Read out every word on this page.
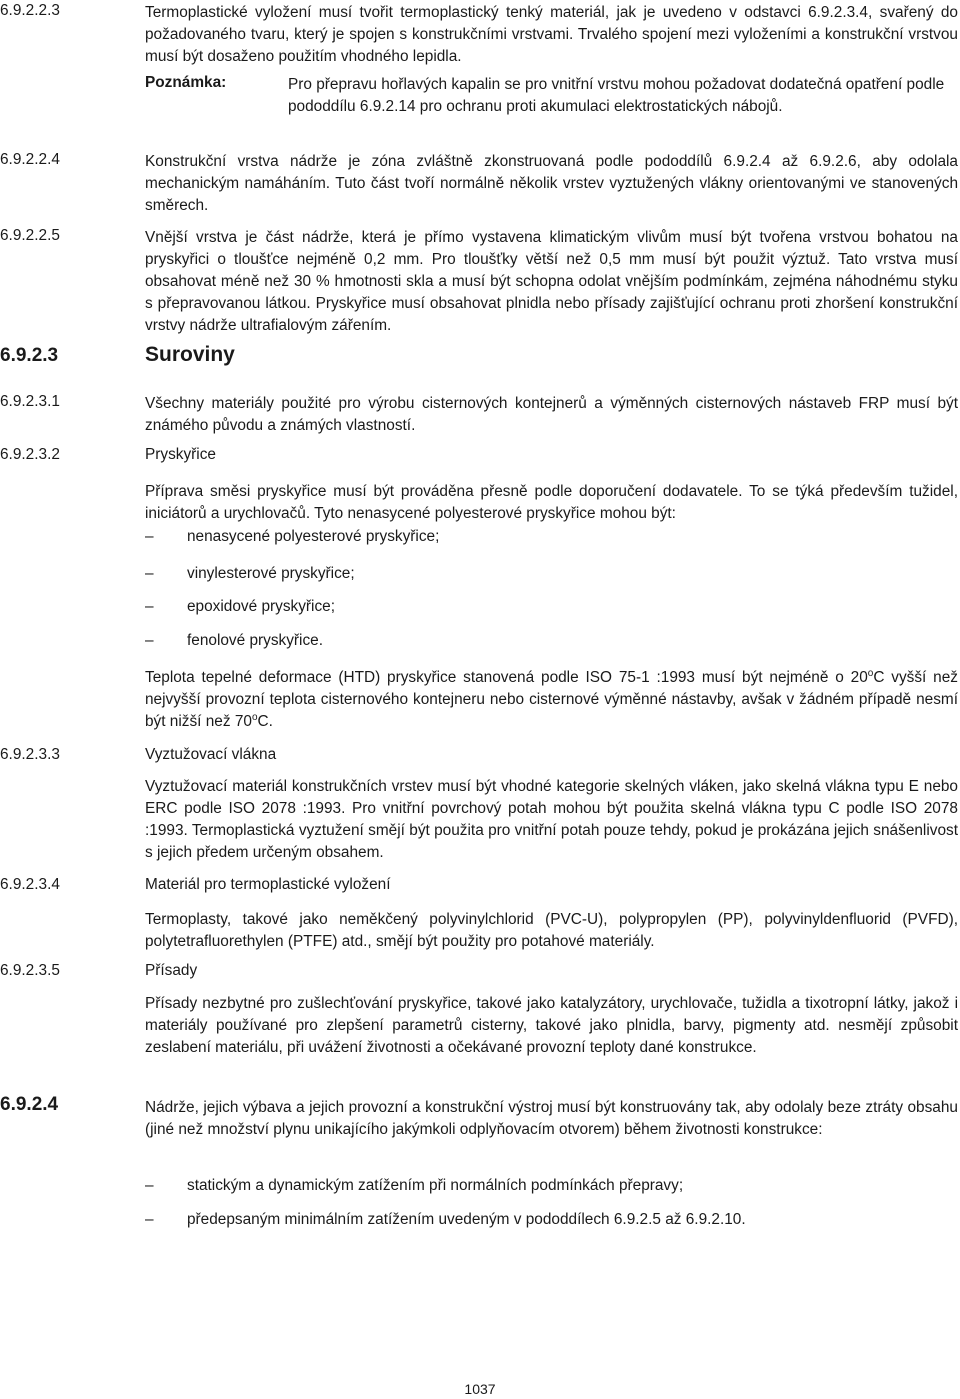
6.9.2.2.3	Termoplastické vyložení musí tvořit termoplastický tenký materiál, jak je uvedeno v odstavci 6.9.2.3.4, svařený do požadovaného tvaru, který je spojen s konstrukčními vrstvami. Trvalého spojení mezi vyloženími a konstrukční vrstvou musí být dosaženo použitím vhodného lepidla.
Poznámka:	Pro přepravu hořlavých kapalin se pro vnitřní vrstvu mohou požadovat dodatečná opatření podle pododdílu 6.9.2.14 pro ochranu proti akumulaci elektrostatických nábojů.
6.9.2.2.4	Konstrukční vrstva nádrže je zóna zvláštně zkonstruovaná podle pododdílů 6.9.2.4 až 6.9.2.6, aby odolala mechanickým namáháním. Tuto část tvoří normálně několik vrstev vyztužených vlákny orientovanými ve stanovených směrech.
6.9.2.2.5	Vnější vrstva je část nádrže, která je přímo vystavena klimatickým vlivům musí být tvořena vrstvou bohatou na pryskyřici o tloušťce nejméně 0,2 mm. Pro tloušťky větší než 0,5 mm musí být použit výztuž. Tato vrstva musí obsahovat méně než 30 % hmotnosti skla a musí být schopna odolat vnějším podmínkám, zejména náhodnému styku s přepravovanou látkou. Pryskyřice musí obsahovat plnidla nebo přísady zajišťující ochranu proti zhoršení konstrukční vrstvy nádrže ultrafialovým zářením.
6.9.2.3	Suroviny
6.9.2.3.1	Všechny materiály použité pro výrobu cisternových kontejnerů a výměnných cisternových nástaveb FRP musí být známého původu a známých vlastností.
6.9.2.3.2	Pryskyřice
Příprava směsi pryskyřice musí být prováděna přesně podle doporučení dodavatele. To se týká především tužidel, iniciátorů a urychlovačů. Tyto nenasycené polyesterové pryskyřice mohou být:
– nenasycené polyesterové pryskyřice;
– vinylesterové pryskyřice;
– epoxidové pryskyřice;
– fenolové pryskyřice.
Teplota tepelné deformace (HTD) pryskyřice stanovená podle ISO 75-1 :1993 musí být nejméně o 20$^o$C vyšší než nejvyšší provozní teplota cisternového kontejneru nebo cisternové výměnné nástavby, avšak v žádném případě nesmí být nižší než 70$^o$C.
6.9.2.3.3	Vyztužovací vlákna
Vyztužovací materiál konstrukčních vrstev musí být vhodné kategorie skelných vláken, jako skelná vlákna typu E nebo ERC podle ISO 2078 :1993. Pro vnitřní povrchový potah mohou být použita skelná vlákna typu C podle ISO 2078 :1993. Termoplastická vyztužení smějí být použita pro vnitřní potah pouze tehdy, pokud je prokázána jejich snášenlivost s jejich předem určeným obsahem.
6.9.2.3.4	Materiál pro termoplastické vyložení
Termoplasty, takové jako neměkčený polyvinylchlorid (PVC-U), polypropylen (PP), polyvinyldenfluorid (PVFD), polytetrafluorethylen (PTFE) atd., smějí být použity pro potahové materiály.
6.9.2.3.5	Přísady
Přísady nezbytné pro zušlechťování pryskyřice, takové jako katalyzátory, urychlovače, tužidla a tixotropní látky, jakož i materiály používané pro zlepšení parametrů cisterny, takové jako plnidla, barvy, pigmenty atd. nesmějí způsobit zeslabení materiálu, při uvážení životnosti a očekávané provozní teploty dané konstrukce.
6.9.2.4	Nádrže, jejich výbava a jejich provozní a konstrukční výstroj musí být konstruovány tak, aby odolaly beze ztráty obsahu (jiné než množství plynu unikajícího jakýmkoli odplyňovacím otvorem) během životnosti konstrukce:
– statickým a dynamickým zatížením při normálních podmínkách přepravy;
– předepsaným minimálním zatížením uvedeným v pododdílech 6.9.2.5 až 6.9.2.10.
1037
